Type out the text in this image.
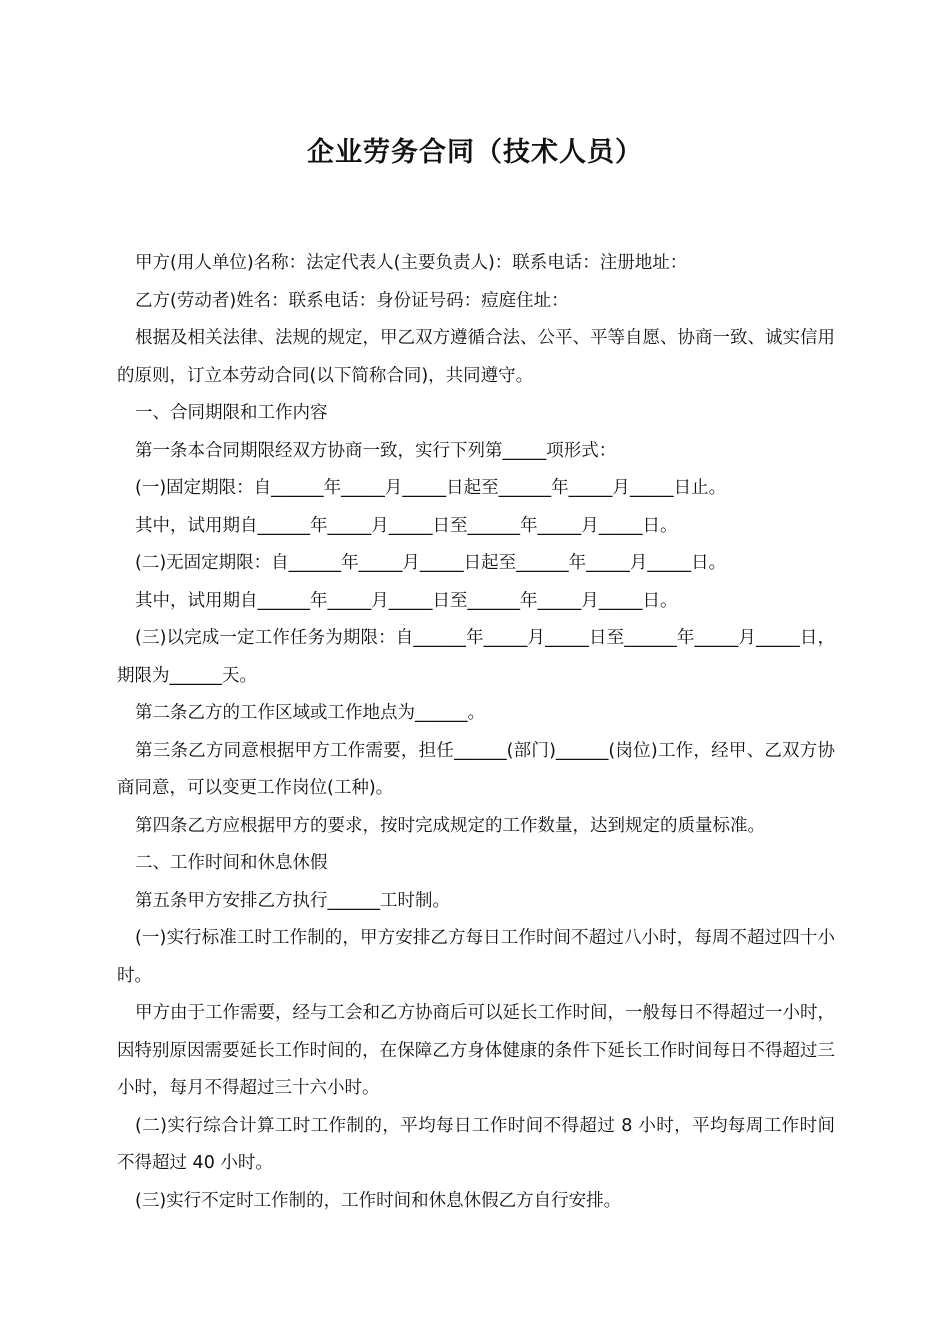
企业劳务合同（技术人员）

甲方(用人单位)名称：法定代表人(主要负责人)：联系电话：注册地址：

乙方(劳动者)姓名：联系电话：身份证号码：痘庭住址：

根据及相关法律、法规的规定，甲乙双方遵循合法、公平、平等自愿、协商一致、诚实信用的原则，订立本劳动合同(以下简称合同)，共同遵守。

一、合同期限和工作内容

第一条本合同期限经双方协商一致，实行下列第_____项形式：

(一)固定期限：自______年_____月_____日起至______年_____月_____日止。

其中，试用期自______年_____月_____日至______年_____月_____日。

(二)无固定期限：自______年_____月_____日起至______年_____月_____日。

其中，试用期自______年_____月_____日至______年_____月_____日。

(三)以完成一定工作任务为期限：自______年_____月_____日至______年_____月_____日，期限为______天。

第二条乙方的工作区域或工作地点为______。

第三条乙方同意根据甲方工作需要，担任______(部门)______(岗位)工作，经甲、乙双方协商同意，可以变更工作岗位(工种)。

第四条乙方应根据甲方的要求，按时完成规定的工作数量，达到规定的质量标准。

二、工作时间和休息休假

第五条甲方安排乙方执行______工时制。

(一)实行标准工时工作制的，甲方安排乙方每日工作时间不超过八小时，每周不超过四十小时。

甲方由于工作需要，经与工会和乙方协商后可以延长工作时间，一般每日不得超过一小时，因特别原因需要延长工作时间的，在保障乙方身体健康的条件下延长工作时间每日不得超过三小时，每月不得超过三十六小时。

(二)实行综合计算工时工作制的，平均每日工作时间不得超过 8 小时，平均每周工作时间不得超过 40 小时。

(三)实行不定时工作制的，工作时间和休息休假乙方自行安排。
